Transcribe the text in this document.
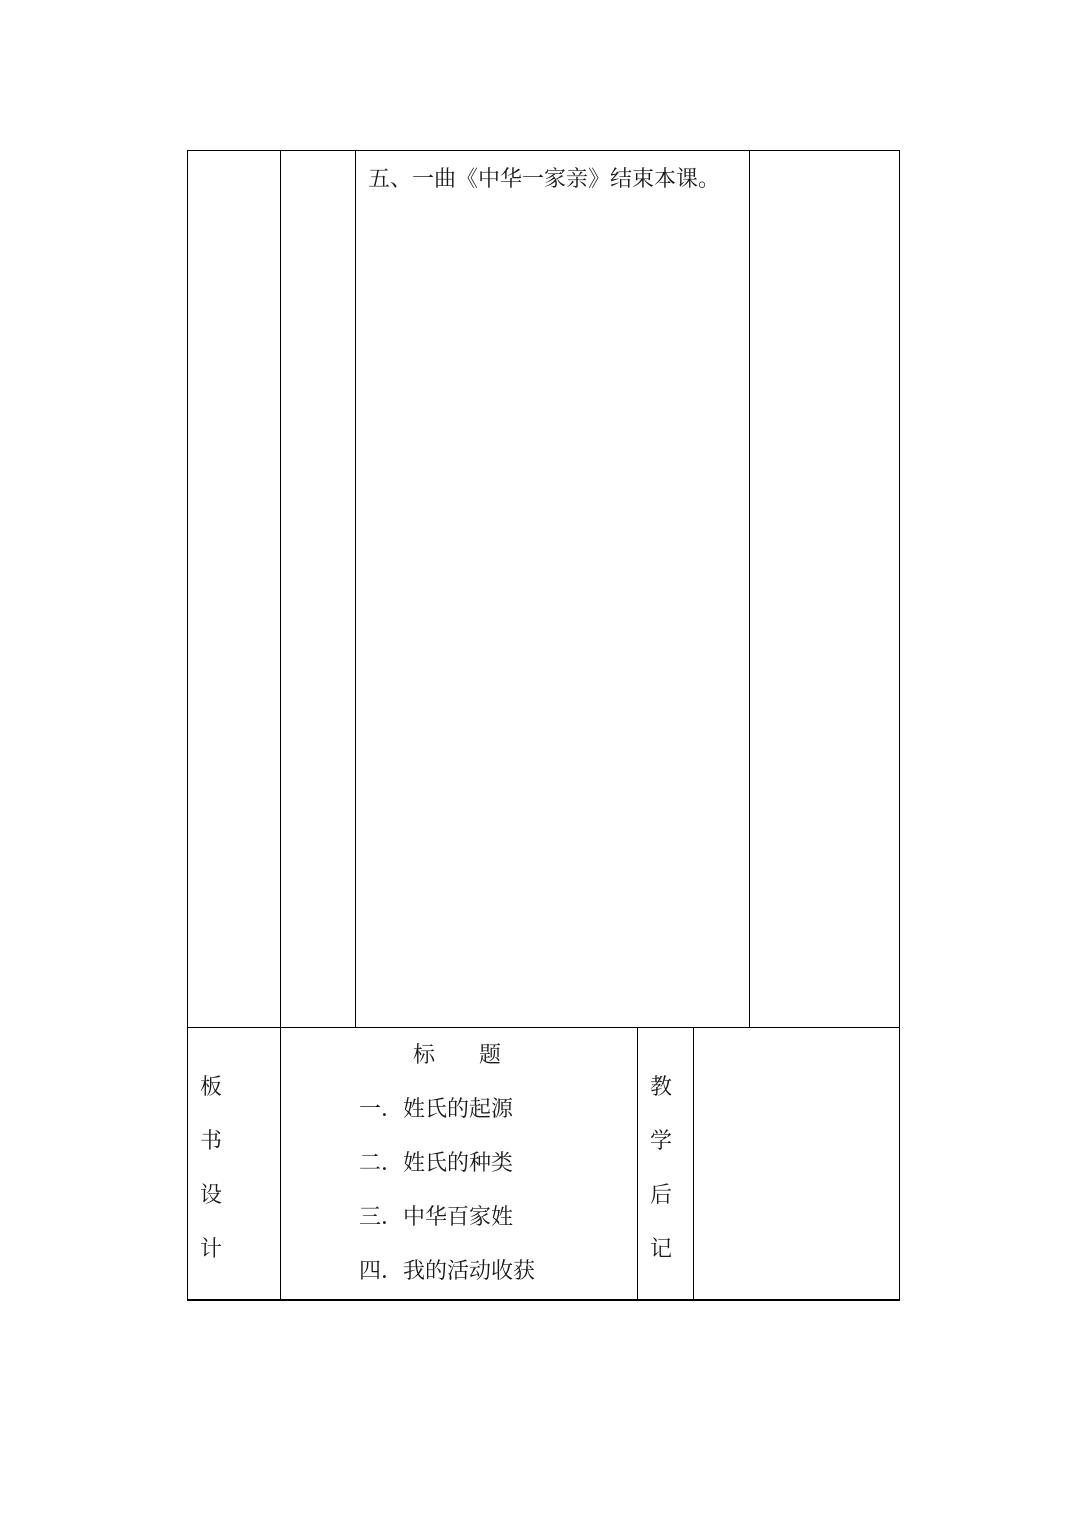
五、一曲《中华一家亲》结束本课。
板
书
设
计
标　　题
一．姓氏的起源
二．姓氏的种类
三．中华百家姓
四．我的活动收获
教
学
后
记
